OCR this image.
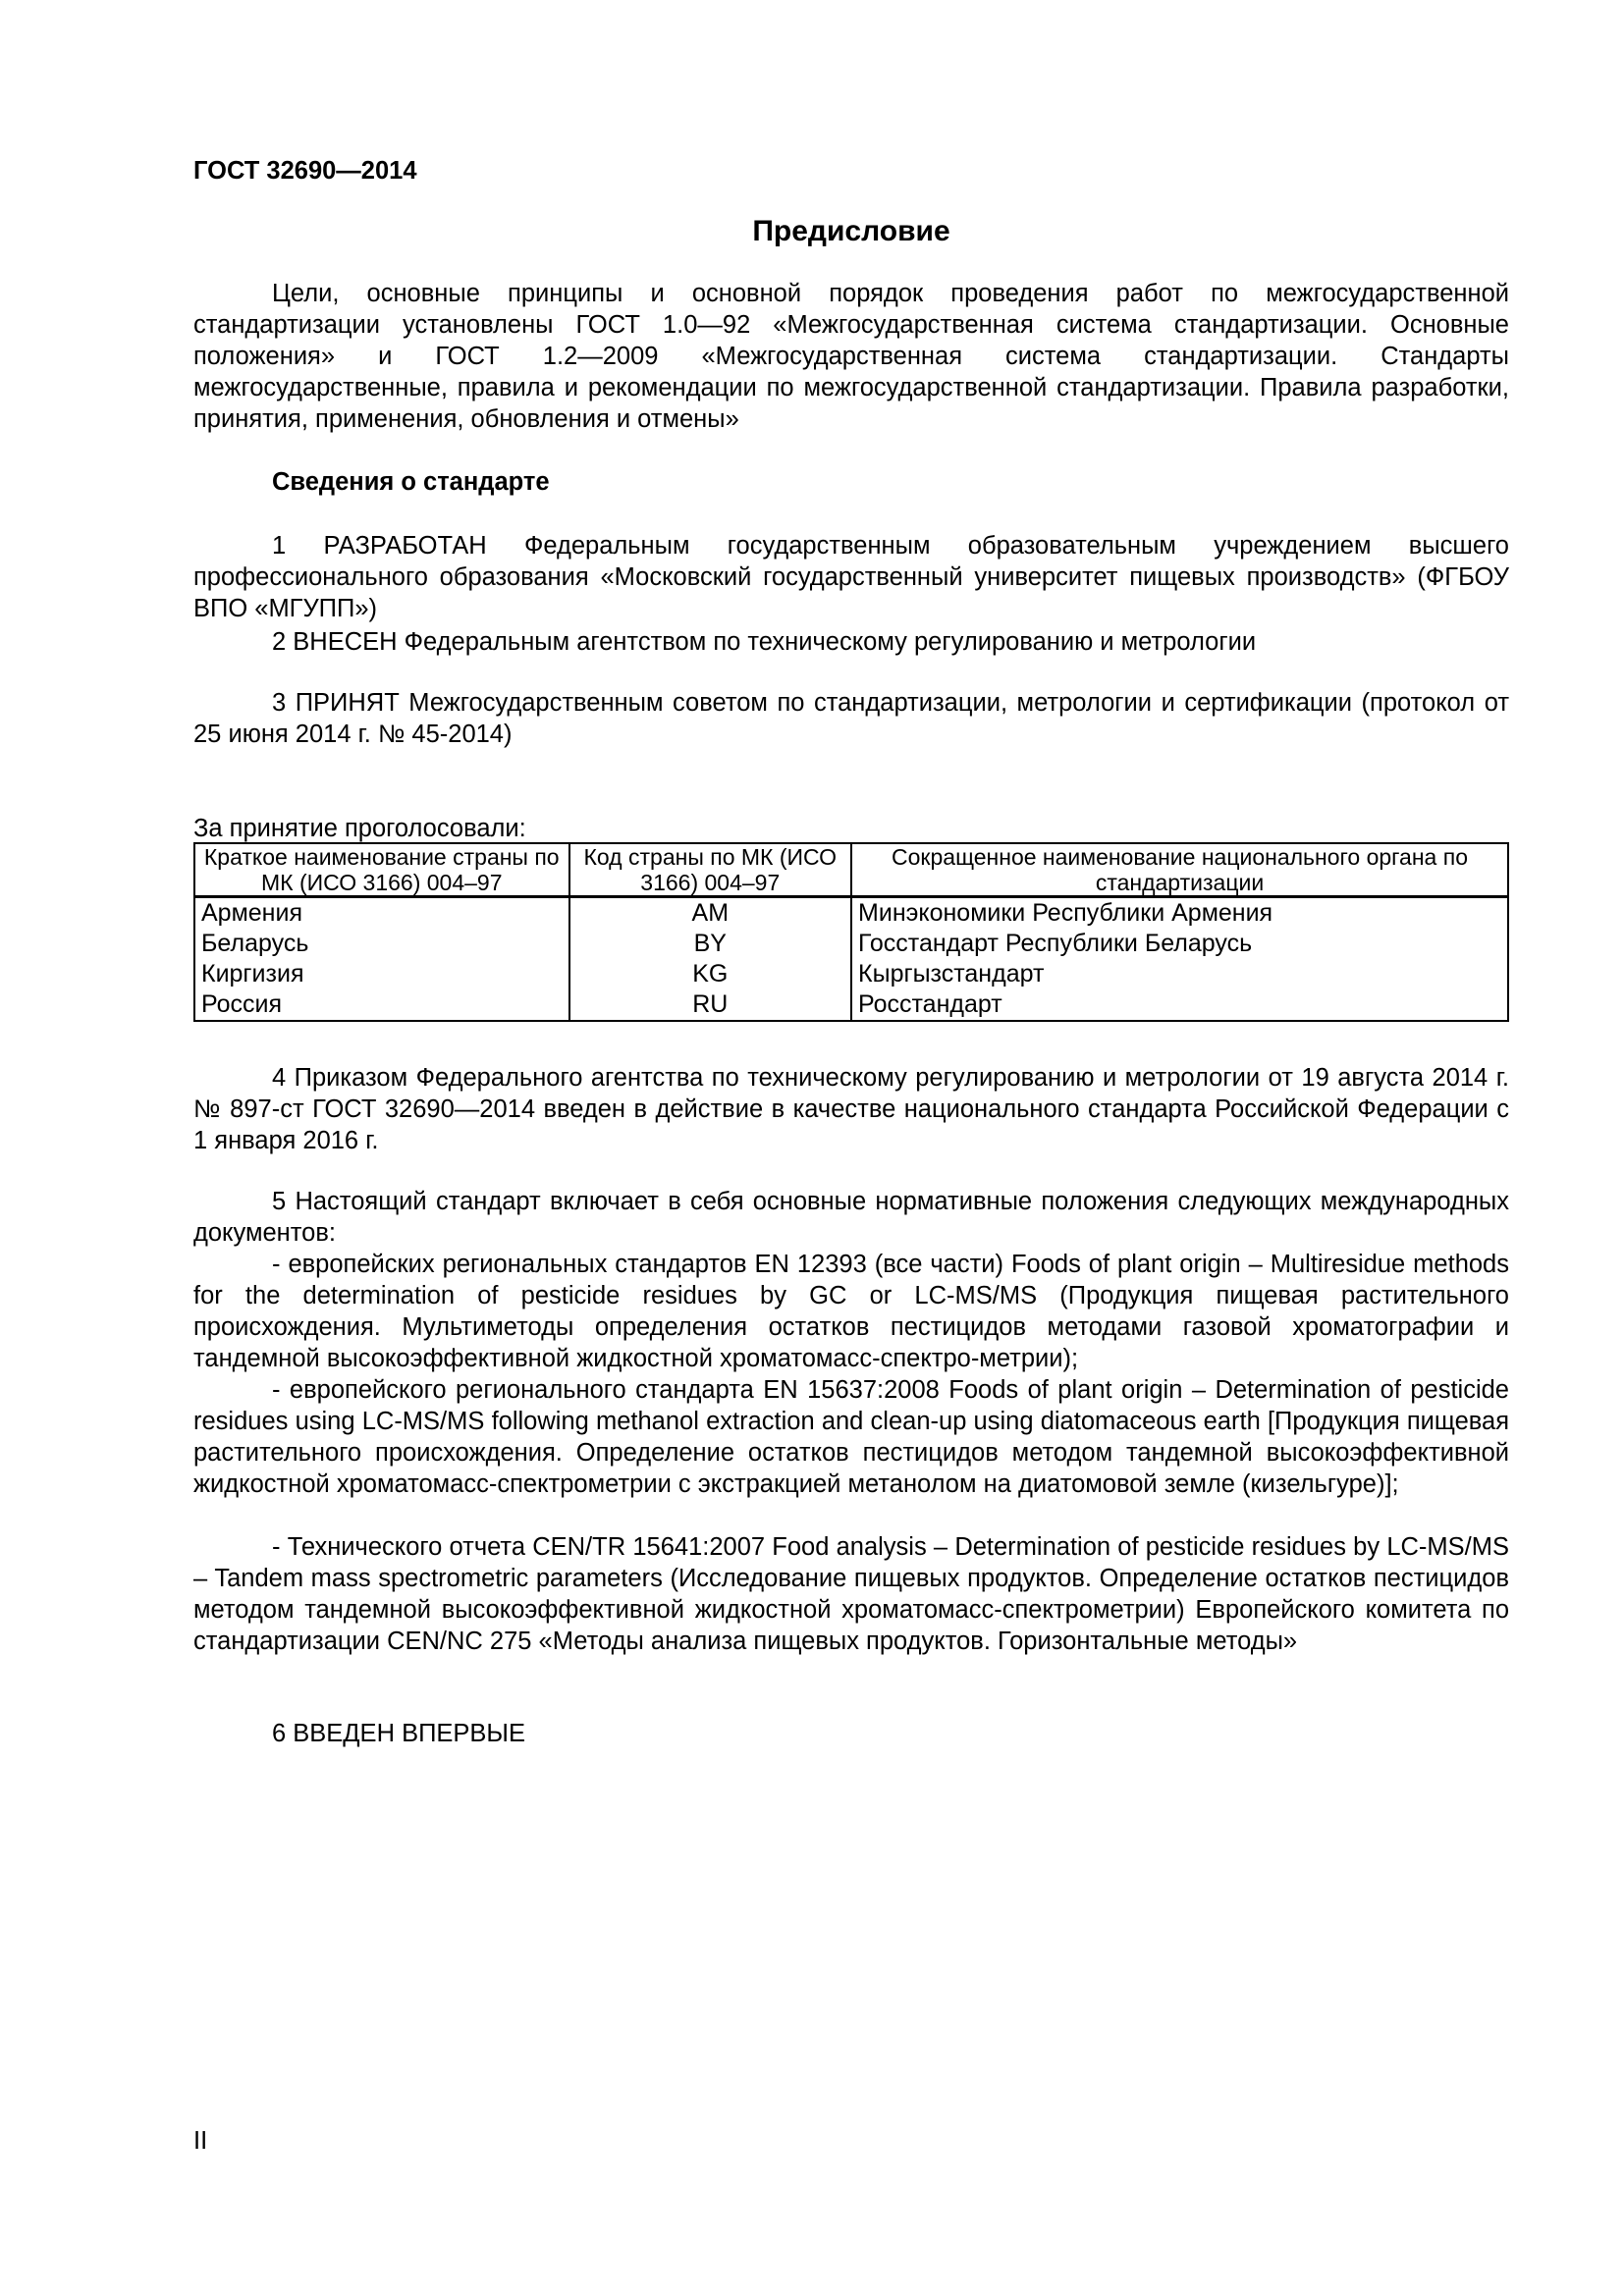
ГОСТ 32690—2014
Предисловие

Цели, основные принципы и основной порядок проведения работ по межгосударственной стандартизации установлены ГОСТ 1.0—92 «Межгосударственная система стандартизации. Основные положения» и ГОСТ 1.2—2009 «Межгосударственная система стандартизации. Стандарты межгосударственные, правила и рекомендации по межгосударственной стандартизации. Правила разработки, принятия, применения, обновления и отмены»

Сведения о стандарте

1 РАЗРАБОТАН Федеральным государственным образовательным учреждением высшего профессионального образования «Московский государственный университет пищевых производств» (ФГБОУ ВПО «МГУПП»)

2 ВНЕСЕН Федеральным агентством по техническому регулированию и метрологии

3 ПРИНЯТ Межгосударственным советом по стандартизации, метрологии и сертификации (протокол от 25 июня 2014 г. № 45-2014)

За принятие проголосовали:
Краткое наименование страны по МК (ИСО 3166) 004–97	Код страны по МК (ИСО 3166) 004–97	Сокращенное наименование национального органа по стандартизации
Армения	AM	Минэкономики Республики Армения
Беларусь	BY	Госстандарт Республики Беларусь
Киргизия	KG	Кыргызстандарт
Россия	RU	Росстандарт

4 Приказом Федерального агентства по техническому регулированию и метрологии от 19 августа 2014 г. № 897-ст ГОСТ 32690—2014 введен в действие в качестве национального стандарта Российской Федерации с 1 января 2016 г.

5 Настоящий стандарт включает в себя основные нормативные положения следующих международных документов:

- европейских региональных стандартов EN 12393 (все части) Foods of plant origin – Multiresidue methods for the determination of pesticide residues by GC or LC-MS/MS (Продукция пищевая растительного происхождения. Мультиметоды определения остатков пестицидов методами газовой хроматографии и тандемной высокоэффективной жидкостной хроматомасс-спектро-метрии);

- европейского регионального стандарта EN 15637:2008 Foods of plant origin – Determination of pesticide residues using LC-MS/MS following methanol extraction and clean-up using diatomaceous earth [Продукция пищевая растительного происхождения. Определение остатков пестицидов методом тандемной высокоэффективной жидкостной хроматомасс-спектрометрии с экстракцией метанолом на диатомовой земле (кизельгуре)];

- Технического отчета CEN/TR 15641:2007 Food analysis – Determination of pesticide residues by LC-MS/MS – Tandem mass spectrometric parameters (Исследование пищевых продуктов. Определение остатков пестицидов методом тандемной высокоэффективной жидкостной хроматомасс-спектрометрии) Европейского комитета по стандартизации CEN/NC 275 «Методы анализа пищевых продуктов. Горизонтальные методы»

6 ВВЕДЕН ВПЕРВЫЕ

II
